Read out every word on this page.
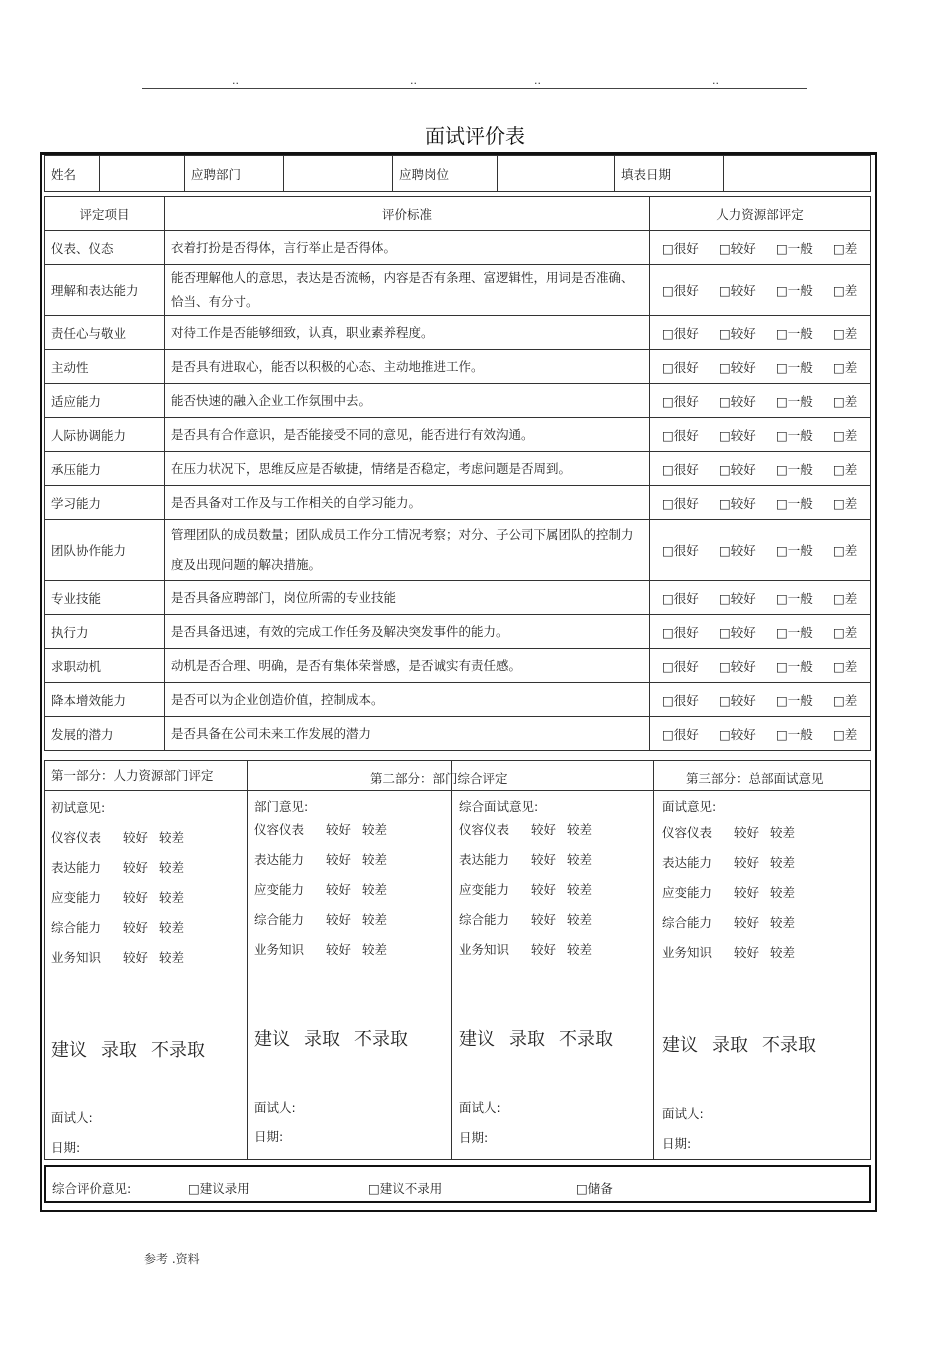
..	..	..	..
面试评价表
姓名		应聘部门		应聘岗位		填表日期	
评定项目	评价标准	人力资源部评定
仪表、仪态	衣着打扮是否得体，言行举止是否得体。	□很好 □较好 □一般 □差
理解和表达能力	能否理解他人的意思，表达是否流畅，内容是否有条理、富逻辑性，用词是否准确、恰当、有分寸。	□很好 □较好 □一般 □差
责任心与敬业	对待工作是否能够细致，认真，职业素养程度。	□很好 □较好 □一般 □差
主动性	是否具有进取心，能否以积极的心态、主动地推进工作。	□很好 □较好 □一般 □差
适应能力	能否快速的融入企业工作氛围中去。	□很好 □较好 □一般 □差
人际协调能力	是否具有合作意识，是否能接受不同的意见，能否进行有效沟通。	□很好 □较好 □一般 □差
承压能力	在压力状况下，思维反应是否敏捷，情绪是否稳定，考虑问题是否周到。	□很好 □较好 □一般 □差
学习能力	是否具备对工作及与工作相关的自学习能力。	□很好 □较好 □一般 □差
团队协作能力	管理团队的成员数量；团队成员工作分工情况考察；对分、子公司下属团队的控制力度及出现问题的解决措施。	□很好 □较好 □一般 □差
专业技能	是否具备应聘部门，岗位所需的专业技能	□很好 □较好 □一般 □差
执行力	是否具备迅速，有效的完成工作任务及解决突发事件的能力。	□很好 □较好 □一般 □差
求职动机	动机是否合理、明确，是否有集体荣誉感，是否诚实有责任感。	□很好 □较好 □一般 □差
降本增效能力	是否可以为企业创造价值，控制成本。	□很好 □较好 □一般 □差
发展的潜力	是否具备在公司未来工作发展的潜力	□很好 □较好 □一般 □差
第一部分：人力资源部门评定	第二部分：部门综合评定	第三部分：总部面试意见
初试意见:
仪容仪表 较好 较差
表达能力 较好 较差
应变能力 较好 较差
综合能力 较好 较差
业务知识 较好 较差
建议 录取 不录取
面试人:
日期:
部门意见:
仪容仪表 较好 较差
表达能力 较好 较差
应变能力 较好 较差
综合能力 较好 较差
业务知识 较好 较差
建议 录取 不录取
面试人:
日期:
综合面试意见:
仪容仪表 较好 较差
表达能力 较好 较差
应变能力 较好 较差
综合能力 较好 较差
业务知识 较好 较差
建议 录取 不录取
面试人:
日期:
面试意见:
仪容仪表 较好 较差
表达能力 较好 较差
应变能力 较好 较差
综合能力 较好 较差
业务知识 较好 较差
建议 录取 不录取
面试人:
日期:
综合评价意见:	□建议录用	□建议不录用	□储备
参考 .资料
